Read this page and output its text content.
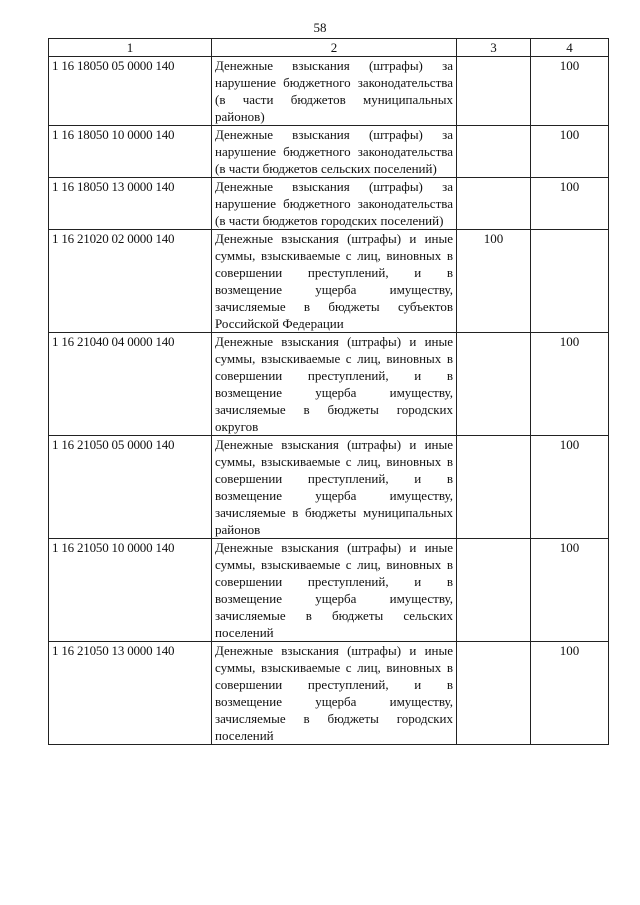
58
1	2	3	4
1 16 18050 05 0000 140	Денежные взыскания (штрафы) за нарушение бюджетного законодательства (в части бюджетов муниципальных районов)		100
1 16 18050 10 0000 140	Денежные взыскания (штрафы) за нарушение бюджетного законодательства (в части бюджетов сельских поселений)		100
1 16 18050 13 0000 140	Денежные взыскания (штрафы) за нарушение бюджетного законодательства (в части бюджетов городских поселений)		100
1 16 21020 02 0000 140	Денежные взыскания (штрафы) и иные суммы, взыскиваемые с лиц, виновных в совершении преступлений, и в возмещение ущерба имуществу, зачисляемые в бюджеты субъектов Российской Федерации	100	
1 16 21040 04 0000 140	Денежные взыскания (штрафы) и иные суммы, взыскиваемые с лиц, виновных в совершении преступлений, и в возмещение ущерба имуществу, зачисляемые в бюджеты городских округов		100
1 16 21050 05 0000 140	Денежные взыскания (штрафы) и иные суммы, взыскиваемые с лиц, виновных в совершении преступлений, и в возмещение ущерба имуществу, зачисляемые в бюджеты муниципальных районов		100
1 16 21050 10 0000 140	Денежные взыскания (штрафы) и иные суммы, взыскиваемые с лиц, виновных в совершении преступлений, и в возмещение ущерба имуществу, зачисляемые в бюджеты сельских поселений		100
1 16 21050 13 0000 140	Денежные взыскания (штрафы) и иные суммы, взыскиваемые с лиц, виновных в совершении преступлений, и в возмещение ущерба имуществу, зачисляемые в бюджеты городских поселений		100
